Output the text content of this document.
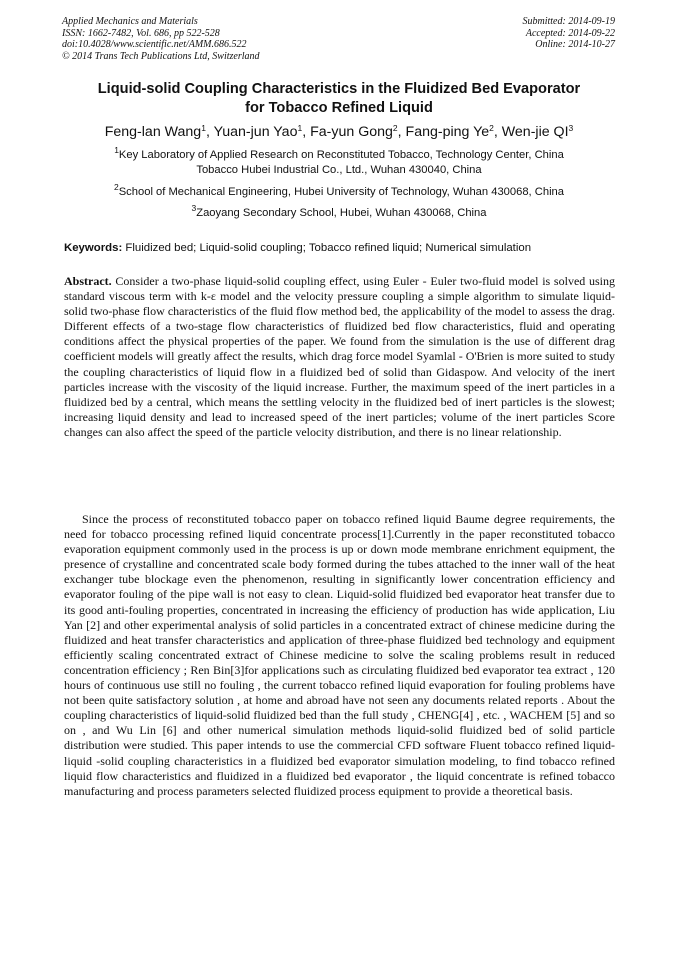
Applied Mechanics and Materials
ISSN: 1662-7482, Vol. 686, pp 522-528
doi:10.4028/www.scientific.net/AMM.686.522
© 2014 Trans Tech Publications Ltd, Switzerland
Submitted: 2014-09-19
Accepted: 2014-09-22
Online: 2014-10-27
Liquid-solid Coupling Characteristics in the Fluidized Bed Evaporator
for Tobacco Refined Liquid
Feng-lan Wang$^1$, Yuan-jun Yao$^1$, Fa-yun Gong$^2$, Fang-ping Ye$^2$, Wen-jie $QI^3$
$^1$Key Laboratory of Applied Research on Reconstituted Tobacco, Technology Center, China
Tobacco Hubei Industrial Co., Ltd., Wuhan 430040, China
$^2$School of Mechanical Engineering, Hubei University of Technology, Wuhan 430068, China
$^3$Zaoyang Secondary School, Hubei, Wuhan 430068, China
Keywords: Fluidized bed; Liquid-solid coupling; Tobacco refined liquid; Numerical simulation
Abstract. Consider a two-phase liquid-solid coupling effect, using Euler - Euler two-fluid model is solved using standard viscous term with k-ε model and the velocity pressure coupling a simple algorithm to simulate liquid-solid two-phase flow characteristics of the fluid flow method bed, the applicability of the model to assess the drag. Different effects of a two-stage flow characteristics of fluidized bed flow characteristics, fluid and operating conditions affect the physical properties of the paper. We found from the simulation is the use of different drag coefficient models will greatly affect the results, which drag force model Syamlal - O'Brien is more suited to study the coupling characteristics of liquid flow in a fluidized bed of solid than Gidaspow. And velocity of the inert particles increase with the viscosity of the liquid increase. Further, the maximum speed of the inert particles in a fluidized bed by a central, which means the settling velocity in the fluidized bed of inert particles is the slowest; increasing liquid density and lead to increased speed of the inert particles; volume of the inert particles Score changes can also affect the speed of the particle velocity distribution, and there is no linear relationship.

Since the process of reconstituted tobacco paper on tobacco refined liquid Baume degree requirements, the need for tobacco processing refined liquid concentrate process[1].Currently in the paper reconstituted tobacco evaporation equipment commonly used in the process is up or down mode membrane enrichment equipment, the presence of crystalline and concentrated scale body formed during the tubes attached to the inner wall of the heat exchanger tube blockage even the phenomenon, resulting in significantly lower concentration efficiency and evaporator fouling of the pipe wall is not easy to clean. Liquid-solid fluidized bed evaporator heat transfer due to its good anti-fouling properties, concentrated in increasing the efficiency of production has wide application, Liu Yan [2] and other experimental analysis of solid particles in a concentrated extract of chinese medicine during the fluidized and heat transfer characteristics and application of three-phase fluidized bed technology and equipment efficiently scaling concentrated extract of Chinese medicine to solve the scaling problems result in reduced concentration efficiency ; Ren Bin[3]for applications such as circulating fluidized bed evaporator tea extract , 120 hours of continuous use still no fouling , the current tobacco refined liquid evaporation for fouling problems have not been quite satisfactory solution , at home and abroad have not seen any documents related reports . About the coupling characteristics of liquid-solid fluidized bed than the full study , CHENG[4] , etc. , WACHEM [5] and so on , and Wu Lin [6] and other numerical simulation methods liquid-solid fluidized bed of solid particle distribution were studied. This paper intends to use the commercial CFD software Fluent tobacco refined liquid-liquid -solid coupling characteristics in a fluidized bed evaporator simulation modeling, to find tobacco refined liquid flow characteristics and fluidized in a fluidized bed evaporator , the liquid concentrate is refined tobacco manufacturing and process parameters selected fluidized process equipment to provide a theoretical basis.
